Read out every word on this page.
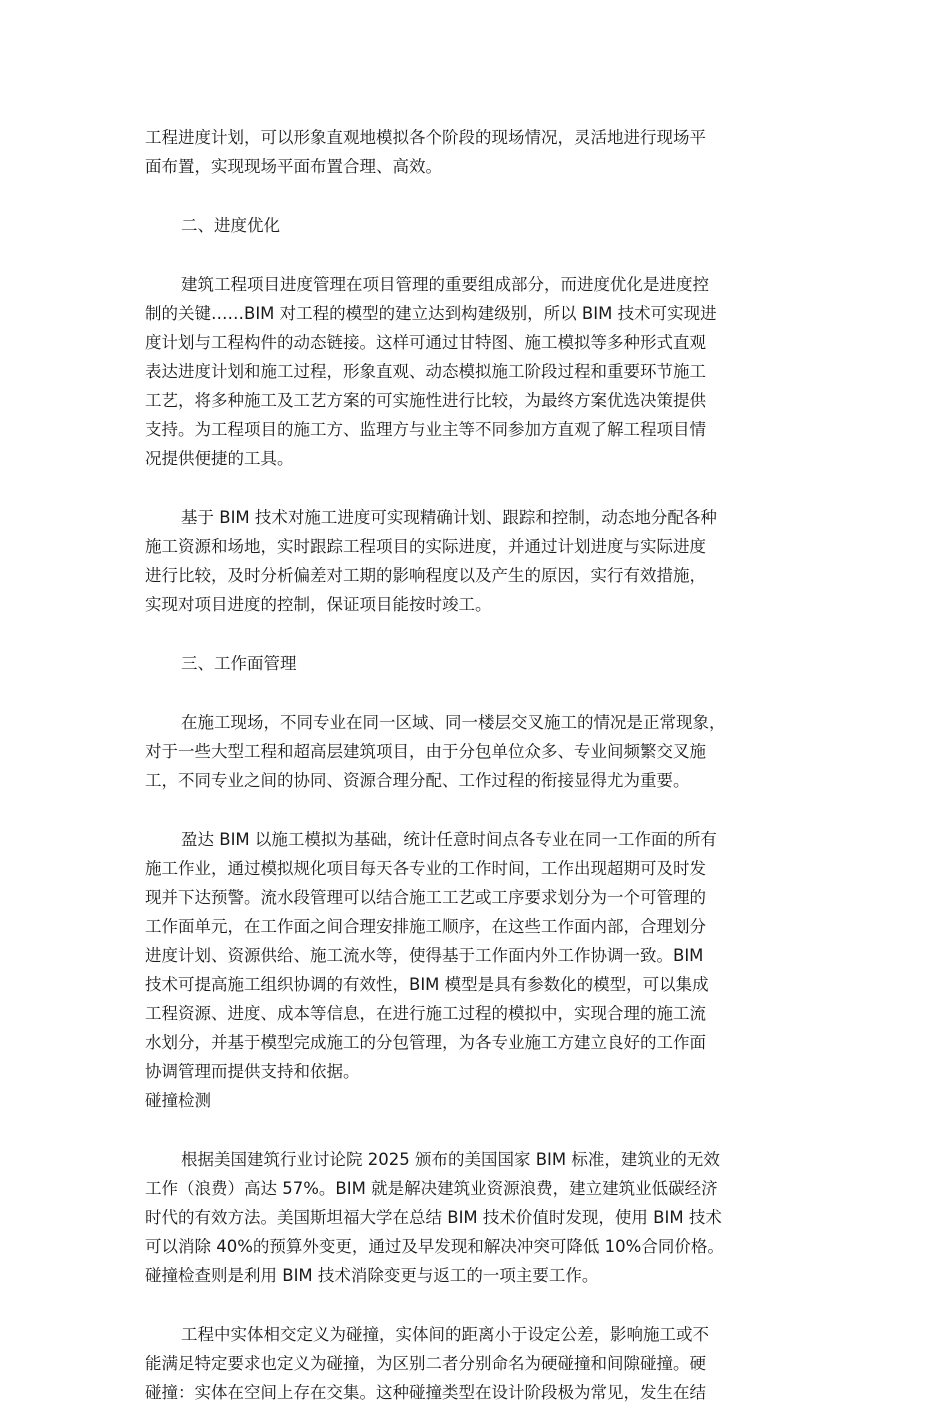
工程进度计划，可以形象直观地模拟各个阶段的现场情况，灵活地进行现场平
面布置，实现现场平面布置合理、高效。
二、进度优化
建筑工程项目进度管理在项目管理的重要组成部分，而进度优化是进度控
制的关键……BIM 对工程的模型的建立达到构建级别，所以 BIM 技术可实现进
度计划与工程构件的动态链接。这样可通过甘特图、施工模拟等多种形式直观
表达进度计划和施工过程，形象直观、动态模拟施工阶段过程和重要环节施工
工艺，将多种施工及工艺方案的可实施性进行比较，为最终方案优选决策提供
支持。为工程项目的施工方、监理方与业主等不同参加方直观了解工程项目情
况提供便捷的工具。
基于 BIM 技术对施工进度可实现精确计划、跟踪和控制，动态地分配各种
施工资源和场地，实时跟踪工程项目的实际进度，并通过计划进度与实际进度
进行比较，及时分析偏差对工期的影响程度以及产生的原因，实行有效措施，
实现对项目进度的控制，保证项目能按时竣工。
三、工作面管理
在施工现场，不同专业在同一区域、同一楼层交叉施工的情况是正常现象，
对于一些大型工程和超高层建筑项目，由于分包单位众多、专业间频繁交叉施
工，不同专业之间的协同、资源合理分配、工作过程的衔接显得尤为重要。
盈达 BIM 以施工模拟为基础，统计任意时间点各专业在同一工作面的所有
施工作业，通过模拟规化项目每天各专业的工作时间，工作出现超期可及时发
现并下达预警。流水段管理可以结合施工工艺或工序要求划分为一个可管理的
工作面单元，在工作面之间合理安排施工顺序，在这些工作面内部，合理划分
进度计划、资源供给、施工流水等，使得基于工作面内外工作协调一致。BIM
技术可提高施工组织协调的有效性，BIM 模型是具有参数化的模型，可以集成
工程资源、进度、成本等信息，在进行施工过程的模拟中，实现合理的施工流
水划分，并基于模型完成施工的分包管理，为各专业施工方建立良好的工作面
协调管理而提供支持和依据。
碰撞检测
根据美国建筑行业讨论院 2025 颁布的美国国家 BIM 标准，建筑业的无效
工作（浪费）高达 57%。BIM 就是解决建筑业资源浪费，建立建筑业低碳经济
时代的有效方法。美国斯坦福大学在总结 BIM 技术价值时发现，使用 BIM 技术
可以消除 40%的预算外变更，通过及早发现和解决冲突可降低 10%合同价格。
碰撞检查则是利用 BIM 技术消除变更与返工的一项主要工作。
工程中实体相交定义为碰撞，实体间的距离小于设定公差，影响施工或不
能满足特定要求也定义为碰撞，为区别二者分别命名为硬碰撞和间隙碰撞。硬
碰撞：实体在空间上存在交集。这种碰撞类型在设计阶段极为常见，发生在结
